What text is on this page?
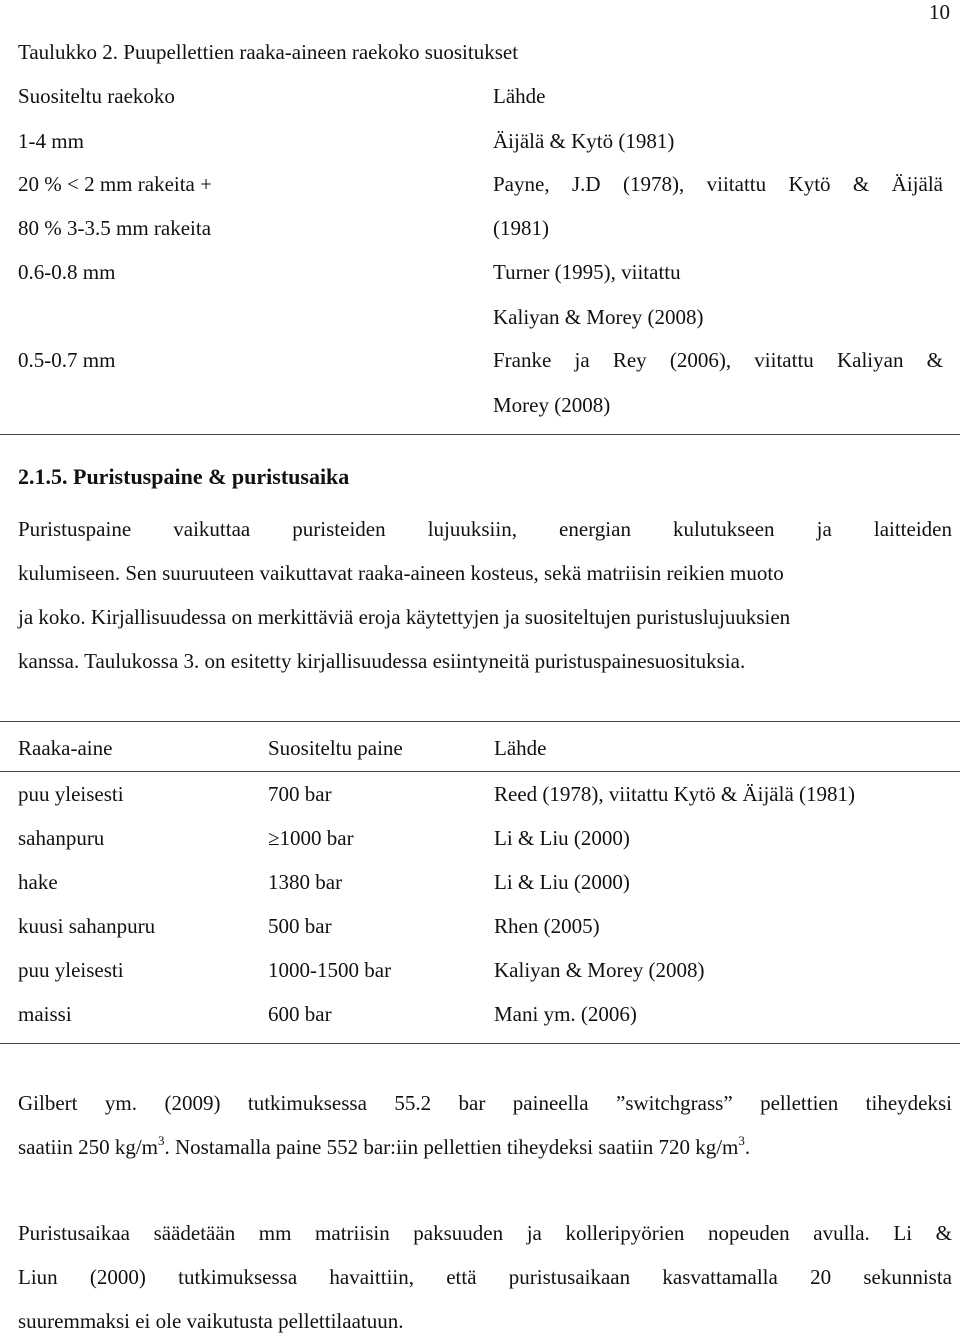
10
Taulukko 2. Puupellettien raaka-aineen raekoko suositukset
Suositeltu raekoko	Lähde
1-4 mm	Äijälä & Kytö (1981)
20 % < 2 mm rakeita +	Payne, J.D (1978), viitattu Kytö & Äijälä
80 % 3-3.5 mm rakeita	(1981)
0.6-0.8 mm	Turner (1995), viitattu
Kaliyan & Morey (2008)
0.5-0.7 mm	Franke ja Rey (2006), viitattu Kaliyan &
Morey (2008)
2.1.5. Puristuspaine & puristusaika
Puristuspaine vaikuttaa puristeiden lujuuksiin, energian kulutukseen ja laitteiden
kulumiseen. Sen suuruuteen vaikuttavat raaka-aineen kosteus, sekä matriisin reikien muoto
ja koko. Kirjallisuudessa on merkittäviä eroja käytettyjen ja suositeltujen puristuslujuuksien
kanssa. Taulukossa 3. on esitetty kirjallisuudessa esiintyneitä puristuspainesuosituksia.
Raaka-aine	Suositeltu paine	Lähde
puu yleisesti	700 bar	Reed (1978), viitattu Kytö & Äijälä (1981)
sahanpuru	≥1000 bar	Li & Liu (2000)
hake	1380 bar	Li & Liu (2000)
kuusi sahanpuru	500 bar	Rhen (2005)
puu yleisesti	1000-1500 bar	Kaliyan & Morey (2008)
maissi	600 bar	Mani ym. (2006)
Gilbert ym. (2009) tutkimuksessa 55.2 bar paineella ”switchgrass” pellettien tiheydeksi
saatiin 250 $kg/m^3$. Nostamalla paine 552 bar:iin pellettien tiheydeksi saatiin 720 $kg/m^3$.
Puristusaikaa säädetään mm matriisin paksuuden ja kolleripyörien nopeuden avulla. Li &
Liun (2000) tutkimuksessa havaittiin, että puristusaikaan kasvattamalla 20 sekunnista
suuremmaksi ei ole vaikutusta pellettilaatuun.
